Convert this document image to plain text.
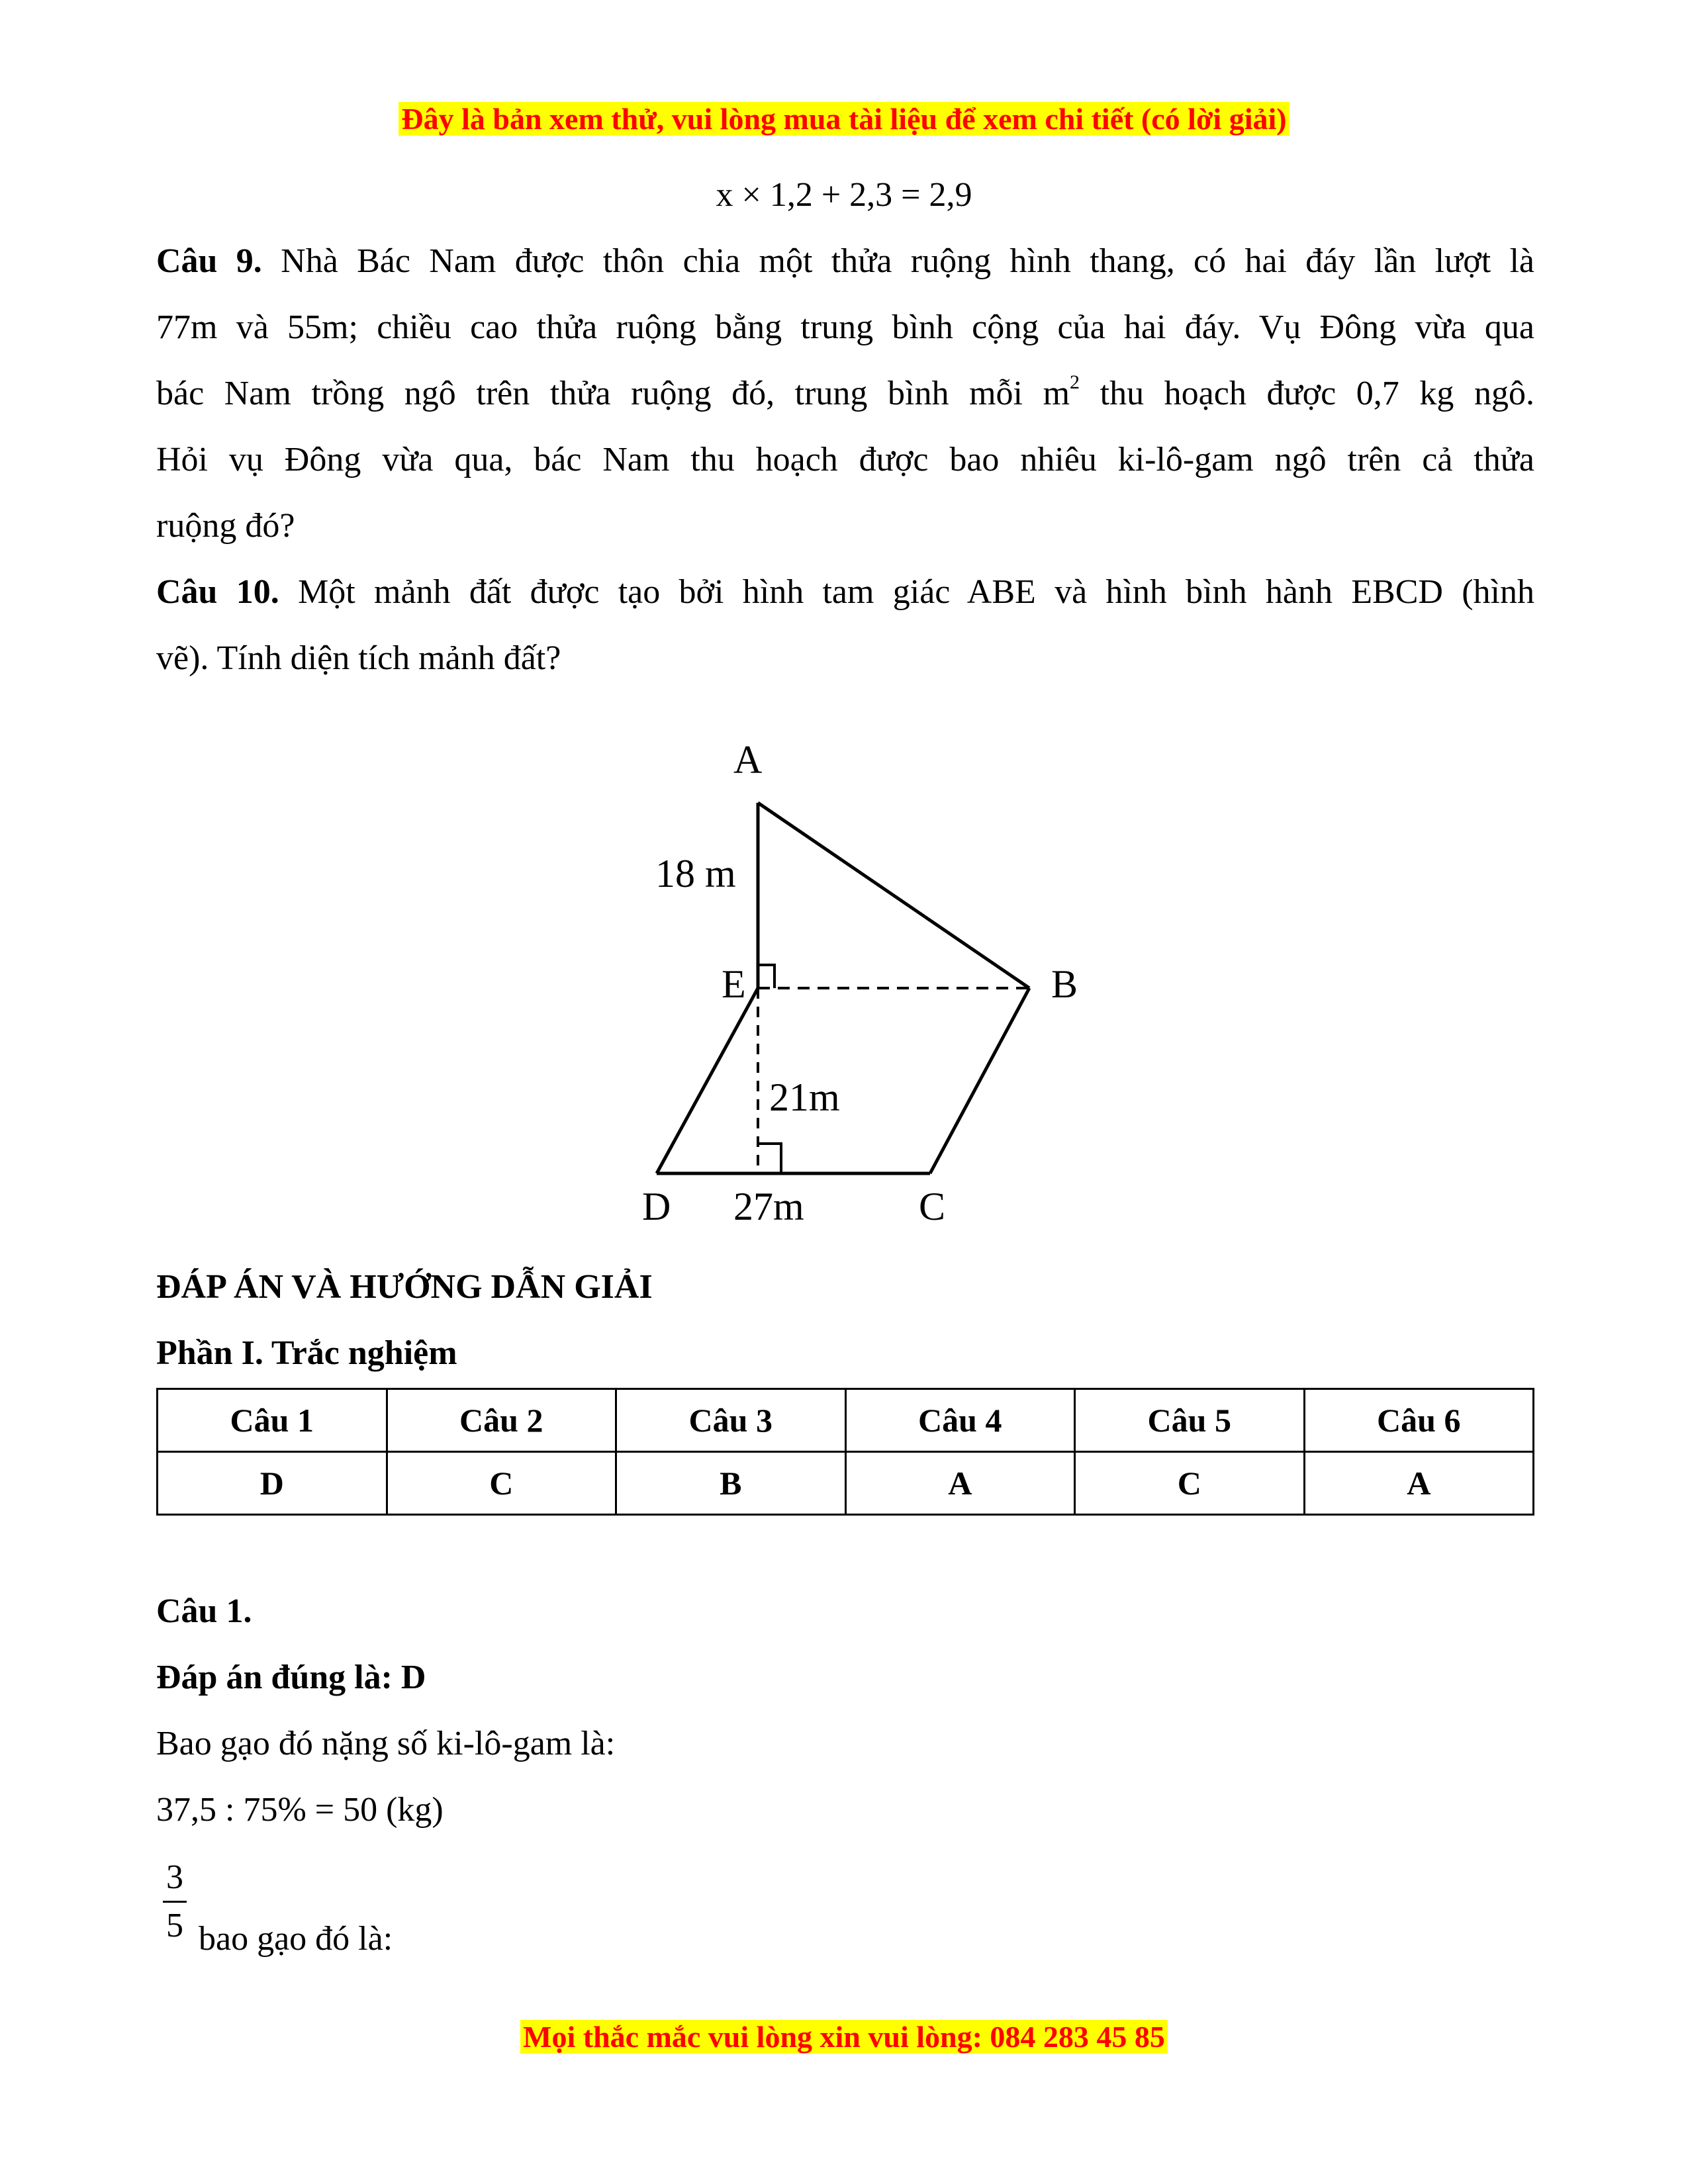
Đây là bản xem thử, vui lòng mua tài liệu để xem chi tiết (có lời giải)
x × 1,2 + 2,3 = 2,9
Câu 9. Nhà Bác Nam được thôn chia một thửa ruộng hình thang, có hai đáy lần lượt là
77m và 55m; chiều cao thửa ruộng bằng trung bình cộng của hai đáy. Vụ Đông vừa qua
bác Nam trồng ngô trên thửa ruộng đó, trung bình mỗi $m^2$ thu hoạch được 0,7 kg ngô.
Hỏi vụ Đông vừa qua, bác Nam thu hoạch được bao nhiêu ki-lô-gam ngô trên cả thửa
ruộng đó?
Câu 10. Một mảnh đất được tạo bởi hình tam giác ABE và hình bình hành EBCD (hình
vẽ). Tính diện tích mảnh đất?
A
B
C
D
E
18 m
21m
27m
ĐÁP ÁN VÀ HƯỚNG DẪN GIẢI
Phần I. Trắc nghiệm
Câu 1	Câu 2	Câu 3	Câu 4	Câu 5	Câu 6
D	C	B	A	C	A
Câu 1.
Đáp án đúng là: D
Bao gạo đó nặng số ki-lô-gam là:
37,5 : 75% = 50 (kg)
3
5 bao gạo đó là:
Mọi thắc mắc vui lòng xin vui lòng: 084 283 45 85
